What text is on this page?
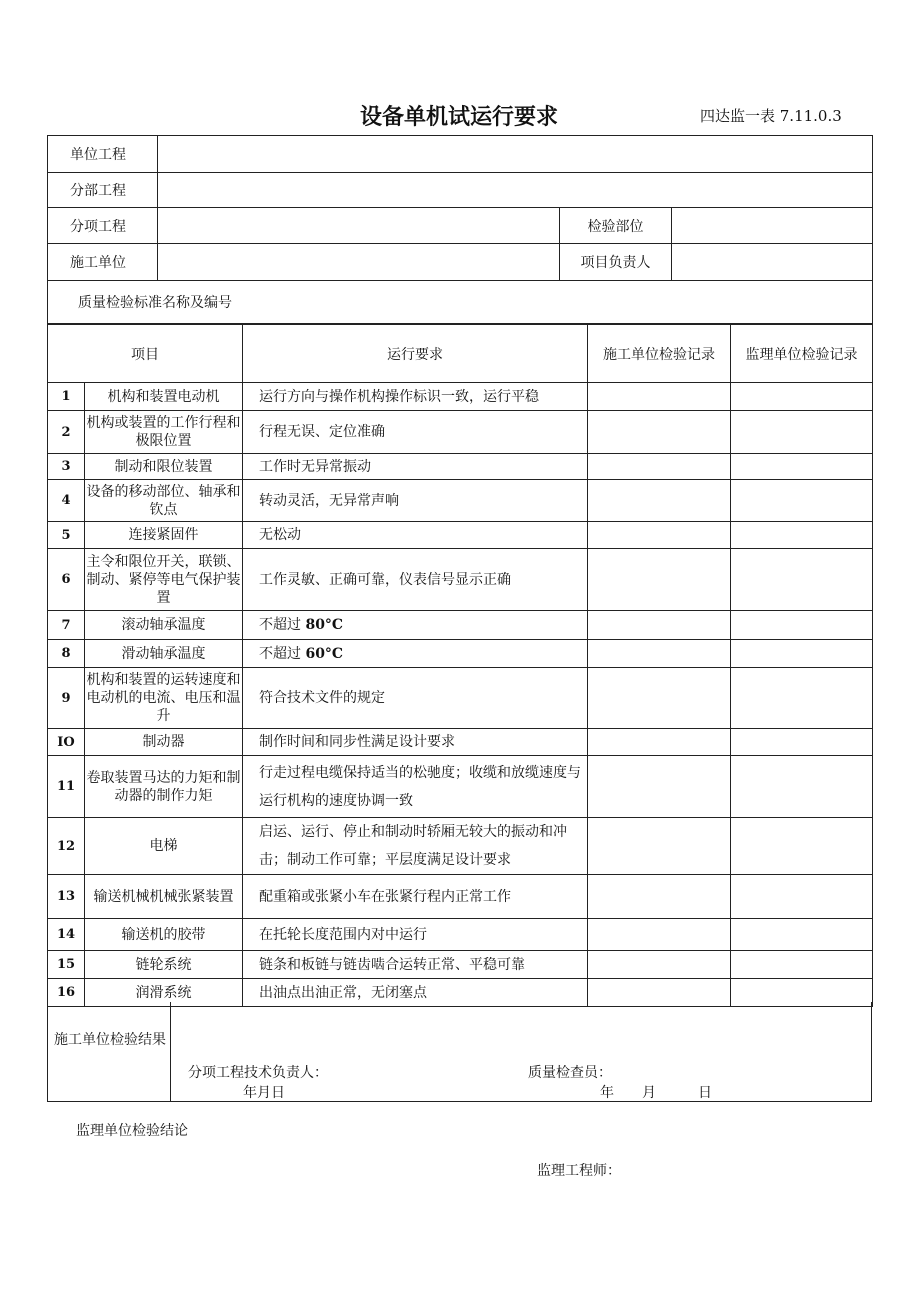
设备单机试运行要求	四达监一表 7.11.0.3
单位工程			
分部工程			
分项工程		检验部位	
施工单位		项目负责人	
质量检验标准名称及编号			
项目		运行要求	施工单位检验记录	监理单位检验记录
1	机构和装置电动机	运行方向与操作机构操作标识一致，运行平稳		
2	机构或装置的工作行程和极限位置	行程无误、定位准确		
3	制动和限位装置	工作时无异常振动		
4	设备的移动部位、轴承和钦点	转动灵活，无异常声响		
5	连接紧固件	无松动		
6	主令和限位开关，联锁、制动、紧停等电气保护装置	工作灵敏、正确可靠，仪表信号显示正确		
7	滚动轴承温度	不超过 80°C		
8	滑动轴承温度	不超过 60°C		
9	机构和装置的运转速度和电动机的电流、电压和温升	符合技术文件的规定		
IO	制动器	制作时间和同步性满足设计要求		
11	卷取装置马达的力矩和制动器的制作力矩	行走过程电缆保持适当的松驰度；收缆和放缆速度与运行机构的速度协调一致		
12	电梯	启运、运行、停止和制动时轿厢无较大的振动和冲击；制动工作可靠；平层度满足设计要求		
13	输送机械机械张紧装置	配重箱或张紧小车在张紧行程内正常工作		
14	输送机的胶带	在托轮长度范围内对中运行		
15	链轮系统	链条和板链与链齿啮合运转正常、平稳可靠		
16	润滑系统	出油点出油正常，无闭塞点		
施工单位检验结果
分项工程技术负责人：	质量检查员：
年月日	年　　月　　　日
监理单位检验结论
监理工程师：
